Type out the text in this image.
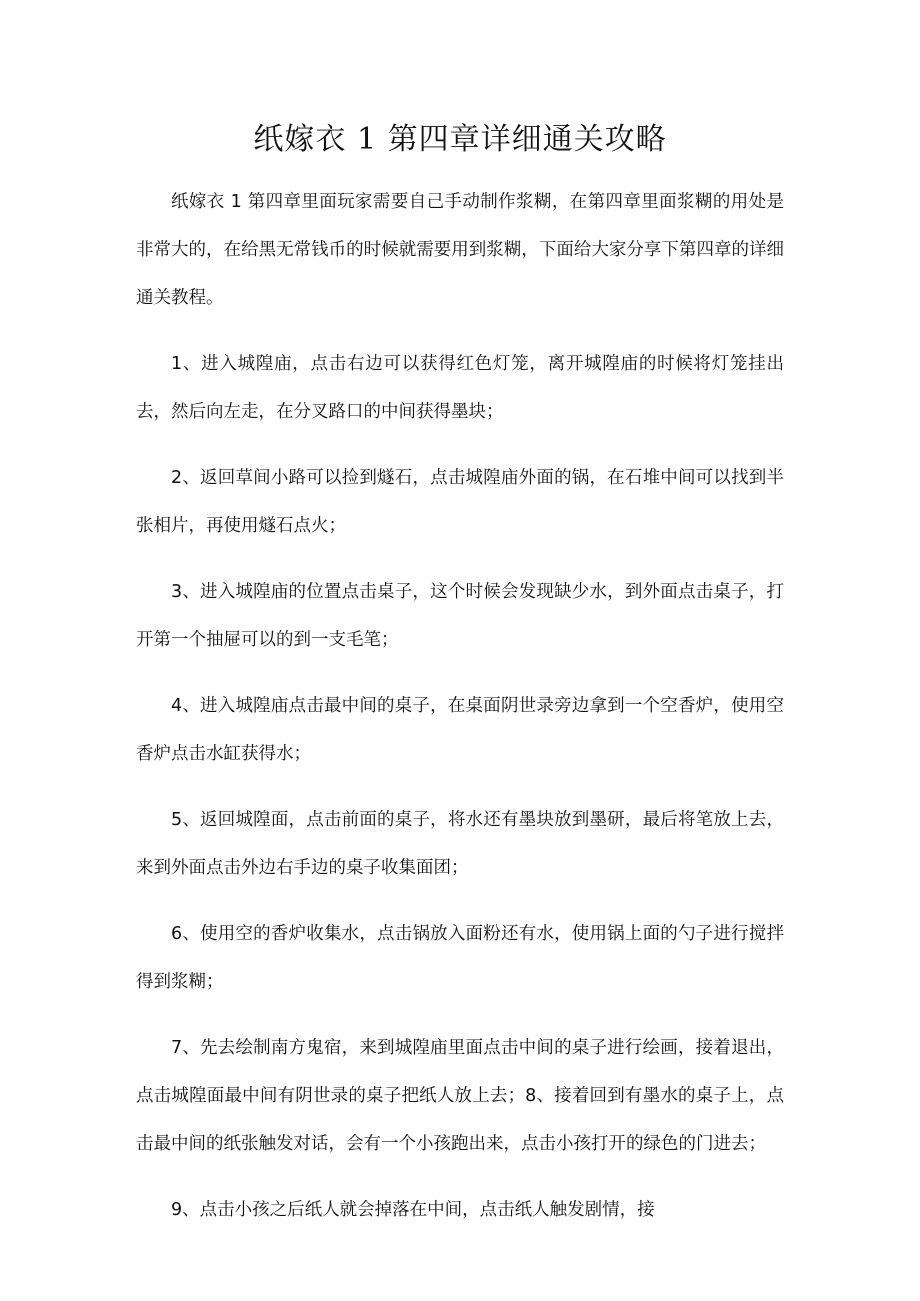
纸嫁衣 1 第四章详细通关攻略

纸嫁衣 1 第四章里面玩家需要自己手动制作浆糊，在第四章里面浆糊的用处是非常大的，在给黑无常钱币的时候就需要用到浆糊，下面给大家分享下第四章的详细通关教程。

1、进入城隍庙，点击右边可以获得红色灯笼，离开城隍庙的时候将灯笼挂出去，然后向左走，在分叉路口的中间获得墨块；

2、返回草间小路可以捡到燧石，点击城隍庙外面的锅，在石堆中间可以找到半张相片，再使用燧石点火；

3、进入城隍庙的位置点击桌子，这个时候会发现缺少水，到外面点击桌子，打开第一个抽屉可以的到一支毛笔；

4、进入城隍庙点击最中间的桌子，在桌面阴世录旁边拿到一个空香炉，使用空香炉点击水缸获得水；

5、返回城隍面，点击前面的桌子，将水还有墨块放到墨研，最后将笔放上去，来到外面点击外边右手边的桌子收集面团；

6、使用空的香炉收集水，点击锅放入面粉还有水，使用锅上面的勺子进行搅拌得到浆糊；

7、先去绘制南方鬼宿，来到城隍庙里面点击中间的桌子进行绘画，接着退出，点击城隍面最中间有阴世录的桌子把纸人放上去；8、接着回到有墨水的桌子上，点击最中间的纸张触发对话，会有一个小孩跑出来，点击小孩打开的绿色的门进去；

9、点击小孩之后纸人就会掉落在中间，点击纸人触发剧情，接
